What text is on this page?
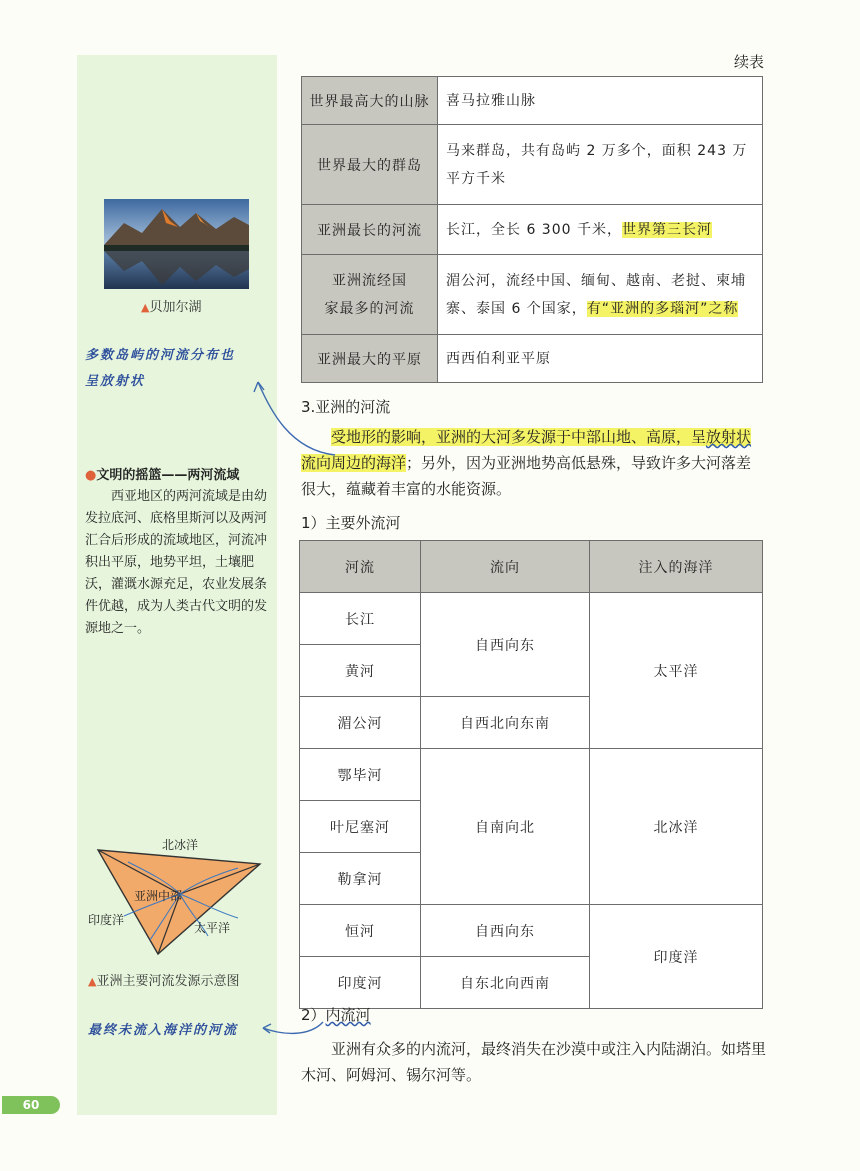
续表
世界最高大的山脉	喜马拉雅山脉
世界最大的群岛	马来群岛，共有岛屿 2 万多个，面积 243 万平方千米
亚洲最长的河流	长江，全长 6 300 千米，世界第三长河
亚洲流经国
家最多的河流	湄公河，流经中国、缅甸、越南、老挝、柬埔寨、泰国 6 个国家，有“亚洲的多瑙河”之称
亚洲最大的平原	西西伯利亚平原
3.亚洲的河流
受地形的影响，亚洲的大河多发源于中部山地、高原，呈放射状流向周边的海洋；另外，因为亚洲地势高低悬殊，导致许多大河落差很大，蕴藏着丰富的水能资源。
1）主要外流河
河流	流向	注入的海洋
长江	自西向东	太平洋
黄河		
湄公河	自西北向东南	
鄂毕河	自南向北	北冰洋
叶尼塞河		
勒拿河		
恒河	自西向东	印度洋
印度河	自东北向西南	
2）内流河
亚洲有众多的内流河，最终消失在沙漠中或注入内陆湖泊。如塔里木河、阿姆河、锡尔河等。
▲贝加尔湖
多数岛屿的河流分布也
呈放射状
●文明的摇篮——两河流域
西亚地区的两河流域是由幼发拉底河、底格里斯河以及两河汇合后形成的流域地区，河流冲积出平原，地势平坦，土壤肥沃，灌溉水源充足，农业发展条件优越，成为人类古代文明的发源地之一。
北冰洋
亚洲中部
印度洋
太平洋
▲亚洲主要河流发源示意图
最终未流入海洋的河流
60
